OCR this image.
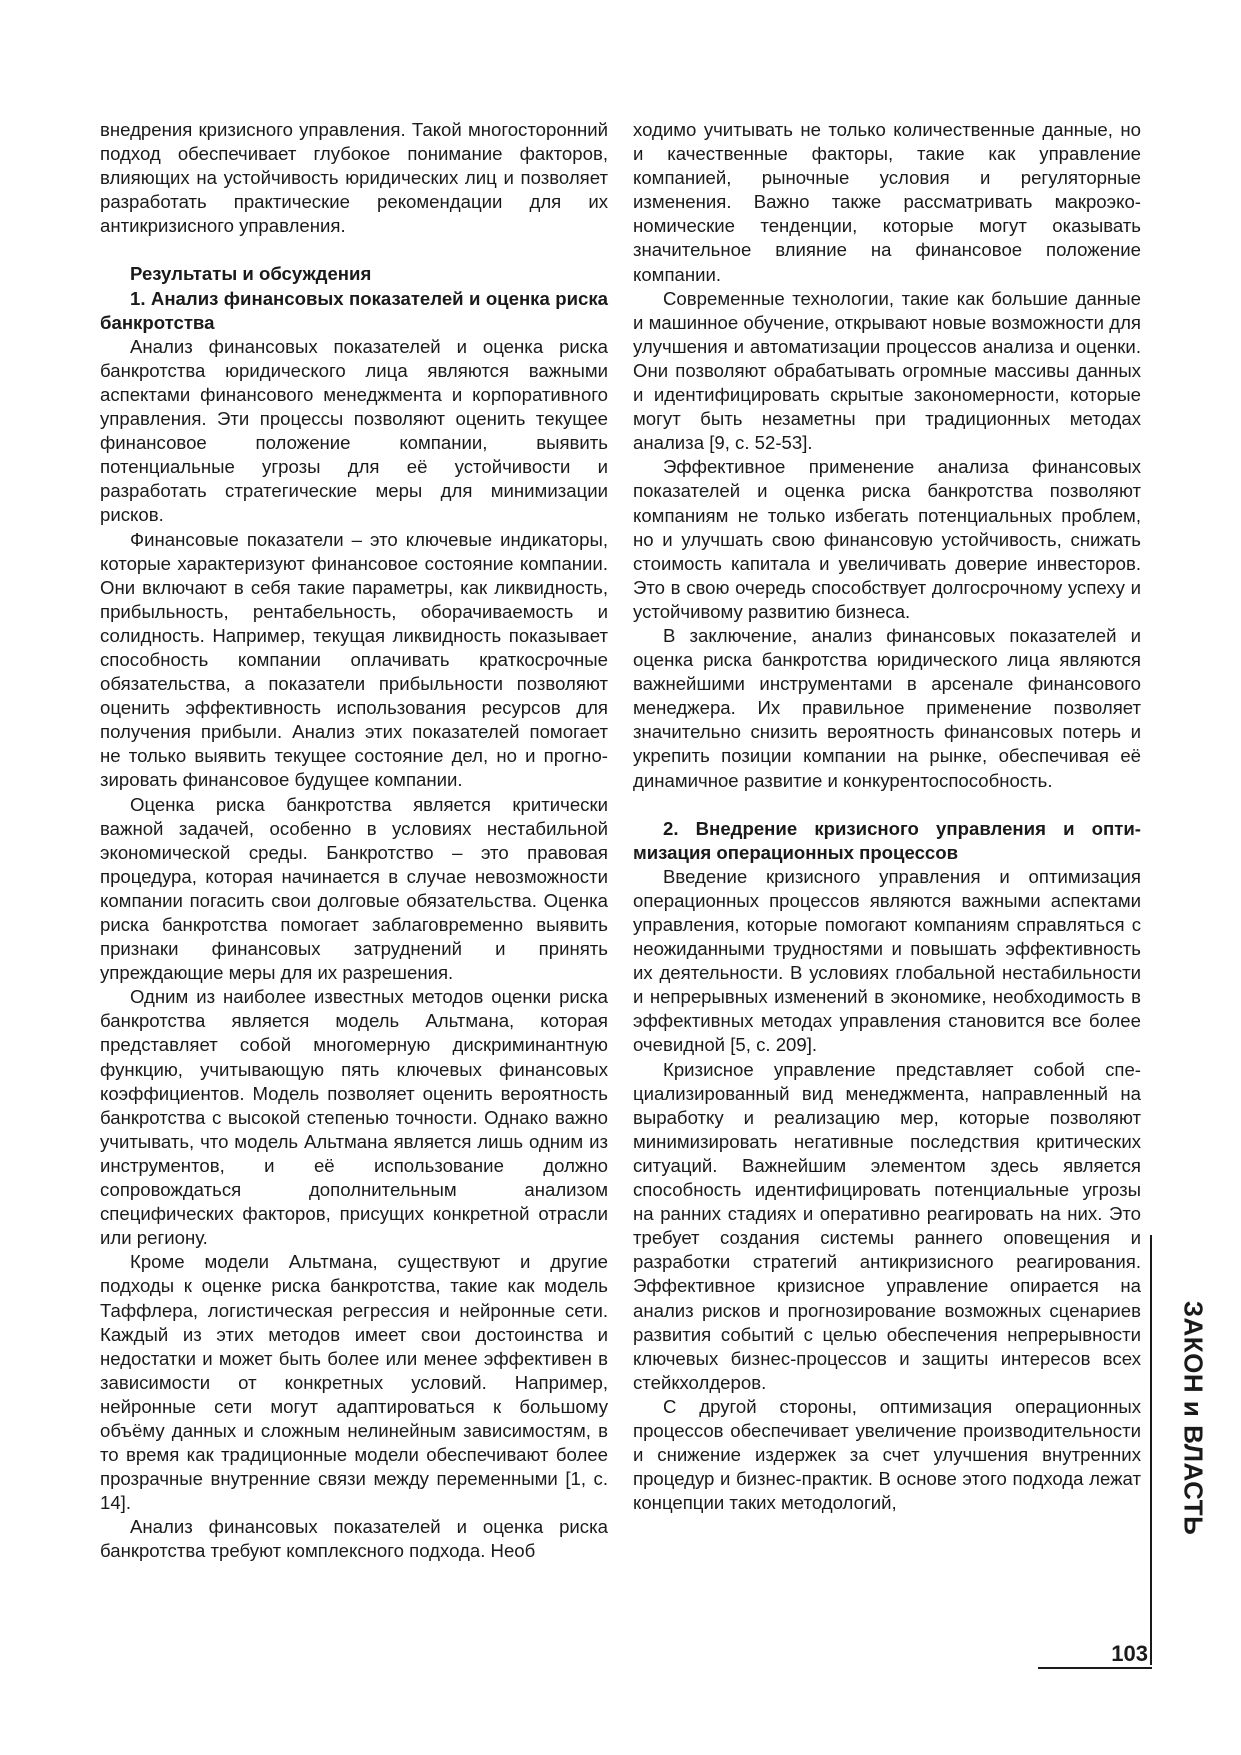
внедрения кризисного управления. Такой многосторонний подход обеспечивает глубокое понимание факторов, влияющих на устойчивость юридических лиц и позволяет разработать практические рекомендации для их антикризисного управления.

Результаты и обсуждения
1. Анализ финансовых показателей и оценка риска банкротства

Анализ финансовых показателей и оценка риска банкротства юридического лица являются важными аспектами финансового менеджмента и корпоративного управления. Эти процессы позволяют оценить текущее финансовое положение компании, выявить потенциальные угрозы для её устойчивости и разработать стратегические меры для минимизации рисков.

Финансовые показатели – это ключевые индикаторы, которые характеризуют финансовое состояние компании. Они включают в себя такие параметры, как ликвидность, прибыльность, рентабельность, оборачиваемость и солидность. Например, текущая ликвидность показывает способность компании оплачивать краткосрочные обязательства, а показатели прибыльности позволяют оценить эффективность использования ресурсов для получения прибыли. Анализ этих показателей помогает не только выявить текущее состояние дел, но и прогнозировать финансовое будущее компании.

Оценка риска банкротства является критически важной задачей, особенно в условиях нестабильной экономической среды. Банкротство – это правовая процедура, которая начинается в случае невозможности компании погасить свои долговые обязательства. Оценка риска банкротства помогает заблаговременно выявить признаки финансовых затруднений и принять упреждающие меры для их разрешения.

Одним из наиболее известных методов оценки риска банкротства является модель Альтмана, которая представляет собой многомерную дискриминантную функцию, учитывающую пять ключевых финансовых коэффициентов. Модель позволяет оценить вероятность банкротства с высокой степенью точности. Однако важно учитывать, что модель Альтмана является лишь одним из инструментов, и её использование должно сопровождаться дополнительным анализом специфических факторов, присущих конкретной отрасли или региону.

Кроме модели Альтмана, существуют и другие подходы к оценке риска банкротства, такие как модель Таффлера, логистическая регрессия и нейронные сети. Каждый из этих методов имеет свои достоинства и недостатки и может быть более или менее эффективен в зависимости от конкретных условий. Например, нейронные сети могут адаптироваться к большому объёму данных и сложным нелинейным зависимостям, в то время как традиционные модели обеспечивают более прозрачные внутренние связи между переменными [1, с. 14].

Анализ финансовых показателей и оценка риска банкротства требуют комплексного подхода. Необ

ходимо учитывать не только количественные данные, но и качественные факторы, такие как управление компанией, рыночные условия и регуляторные изменения. Важно также рассматривать макроэкономические тенденции, которые могут оказывать значительное влияние на финансовое положение компании.

Современные технологии, такие как большие данные и машинное обучение, открывают новые возможности для улучшения и автоматизации процессов анализа и оценки. Они позволяют обрабатывать огромные массивы данных и идентифицировать скрытые закономерности, которые могут быть незаметны при традиционных методах анализа [9, с. 52-53].

Эффективное применение анализа финансовых показателей и оценка риска банкротства позволяют компаниям не только избегать потенциальных проблем, но и улучшать свою финансовую устойчивость, снижать стоимость капитала и увеличивать доверие инвесторов. Это в свою очередь способствует долгосрочному успеху и устойчивому развитию бизнеса.

В заключение, анализ финансовых показателей и оценка риска банкротства юридического лица являются важнейшими инструментами в арсенале финансового менеджера. Их правильное применение позволяет значительно снизить вероятность финансовых потерь и укрепить позиции компании на рынке, обеспечивая её динамичное развитие и конкурентоспособность.

2. Внедрение кризисного управления и оптимизация операционных процессов

Введение кризисного управления и оптимизация операционных процессов являются важными аспектами управления, которые помогают компаниям справляться с неожиданными трудностями и повышать эффективность их деятельности. В условиях глобальной нестабильности и непрерывных изменений в экономике, необходимость в эффективных методах управления становится все более очевидной [5, с. 209].

Кризисное управление представляет собой специализированный вид менеджмента, направленный на выработку и реализацию мер, которые позволяют минимизировать негативные последствия критических ситуаций. Важнейшим элементом здесь является способность идентифицировать потенциальные угрозы на ранних стадиях и оперативно реагировать на них. Это требует создания системы раннего оповещения и разработки стратегий антикризисного реагирования. Эффективное кризисное управление опирается на анализ рисков и прогнозирование возможных сценариев развития событий с целью обеспечения непрерывности ключевых бизнес-процессов и защиты интересов всех стейкхолдеров.

С другой стороны, оптимизация операционных процессов обеспечивает увеличение производительности и снижение издержек за счет улучшения внутренних процедур и бизнес-практик. В основе этого подхода лежат концепции таких методологий,	ЗАКОН и ВЛАСТЬ
103
